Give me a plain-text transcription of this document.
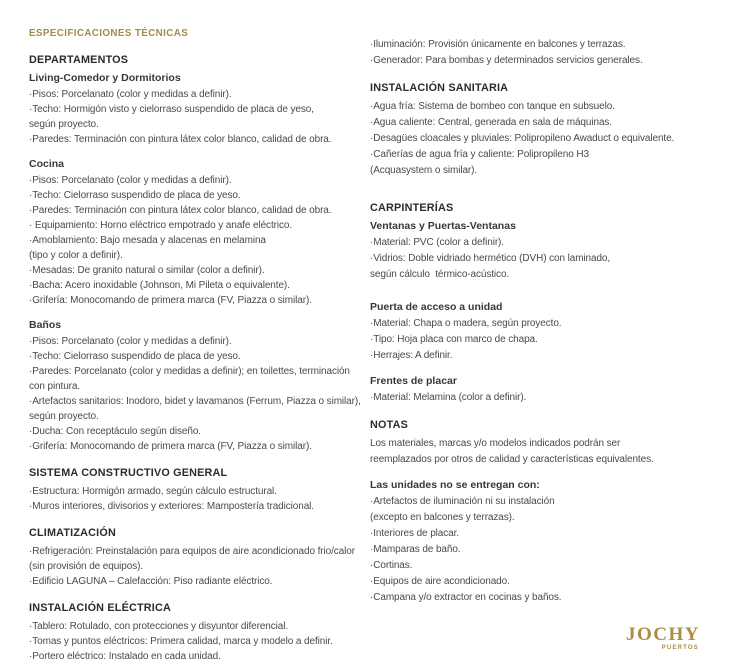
ESPECIFICACIONES TÉCNICAS
DEPARTAMENTOS
Living-Comedor y Dormitorios
·Pisos: Porcelanato (color y medidas a definir).
·Techo: Hormigón visto y cielorraso suspendido de placa de yeso,
según proyecto.
·Paredes: Terminación con pintura látex color blanco, calidad de obra.
Cocina
·Pisos: Porcelanato (color y medidas a definir).
·Techo: Cielorraso suspendido de placa de yeso.
·Paredes: Terminación con pintura látex color blanco, calidad de obra.
· Equipamiento: Horno eléctrico empotrado y anafe eléctrico.
·Amoblamiento: Bajo mesada y alacenas en melamina
(tipo y color a definir).
·Mesadas: De granito natural o similar (color a definir).
·Bacha: Acero inoxidable (Johnson, Mi Pileta o equivalente).
·Grifería: Monocomando de primera marca (FV, Piazza o similar).
Baños
·Pisos: Porcelanato (color y medidas a definir).
·Techo: Cielorraso suspendido de placa de yeso.
·Paredes: Porcelanato (color y medidas a definir); en toilettes, terminación
con pintura.
·Artefactos sanitarios: Inodoro, bidet y lavamanos (Ferrum, Piazza o similar),
según proyecto.
·Ducha: Con receptáculo según diseño.
·Grifería: Monocomando de primera marca (FV, Piazza o similar).
SISTEMA CONSTRUCTIVO GENERAL
·Estructura: Hormigón armado, según cálculo estructural.
·Muros interiores, divisorios y exteriores: Mampostería tradicional.
CLIMATIZACIÓN
·Refrigeración: Preinstalación para equipos de aire acondicionado frio/calor
(sin provisión de equipos).
·Edificio LAGUNA – Calefacción: Piso radiante eléctrico.
INSTALACIÓN ELÉCTRICA
·Tablero: Rotulado, con protecciones y disyuntor diferencial.
·Tomas y puntos eléctricos: Primera calidad, marca y modelo a definir.
·Portero eléctrico: Instalado en cada unidad.
·Iluminación: Provisión únicamente en balcones y terrazas.
·Generador: Para bombas y determinados servicios generales.
INSTALACIÓN SANITARIA
·Agua fría: Sistema de bombeo con tanque en subsuelo.
·Agua caliente: Central, generada en sala de máquinas.
·Desagües cloacales y pluviales: Polipropileno Awaduct o equivalente.
·Cañerías de agua fría y caliente: Polipropileno H3
(Acquasystem o similar).
CARPINTERÍAS
Ventanas y Puertas-Ventanas
·Material: PVC (color a definir).
·Vidrios: Doble vidriado hermético (DVH) con laminado,
según cálculo  térmico-acústico.
Puerta de acceso a unidad
·Material: Chapa o madera, según proyecto.
·Tipo: Hoja placa con marco de chapa.
·Herrajes: A definir.
Frentes de placar
·Material: Melamina (color a definir).
NOTAS
Los materiales, marcas y/o modelos indicados podrán ser
reemplazados por otros de calidad y características equivalentes.
Las unidades no se entregan con:
·Artefactos de iluminación ni su instalación
(excepto en balcones y terrazas).
·Interiores de placar.
·Mamparas de baño.
·Cortinas.
·Equipos de aire acondicionado.
·Campana y/o extractor en cocinas y baños.
JOCHY
PUERTOS
